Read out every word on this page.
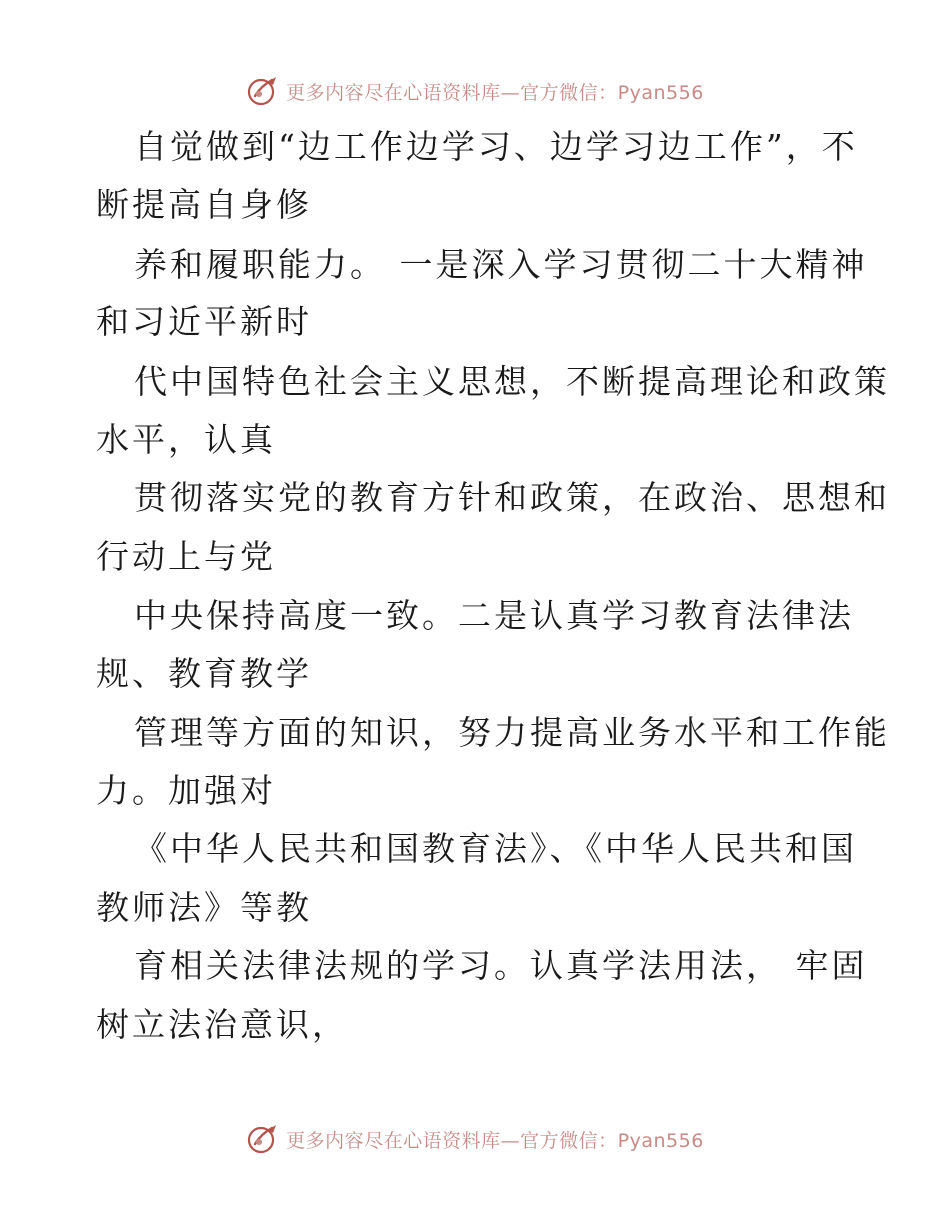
更多内容尽在心语资料库—官方微信：Pyan556
自觉做到“边工作边学习、边学习边工作”，不
断提高自身修
养和履职能力。 一是深入学习贯彻二十大精神
和习近平新时
代中国特色社会主义思想，不断提高理论和政策
水平，认真
贯彻落实党的教育方针和政策，在政治、思想和
行动上与党
中央保持高度一致。二是认真学习教育法律法
规、教育教学
管理等方面的知识，努力提高业务水平和工作能
力。加强对
《中华人民共和国教育法》、《中华人民共和国
教师法》等教
育相关法律法规的学习。认真学法用法， 牢固
树立法治意识，
更多内容尽在心语资料库—官方微信：Pyan556
